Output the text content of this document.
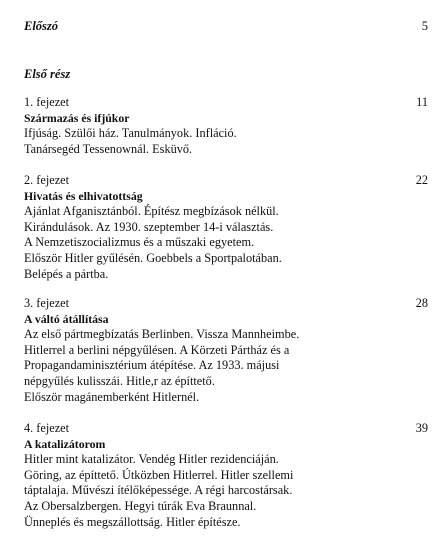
Előszó	5
Első rész
1. fejezet	11
Származás és ifjúkor
Ifjúság. Szülői ház. Tanulmányok. Infláció.
Tanársegéd Tessenownál. Esküvő.
2. fejezet	22
Hivatás és elhivatottság
Ajánlat Afganisztánból. Építész megbízások nélkül.
Kirándulások. Az 1930. szeptember 14-i választás.
A Nemzetiszocializmus és a műszaki egyetem.
Először Hitler gyűlésén. Goebbels a Sportpalotában.
Belépés a pártba.
3. fejezet	28
A váltó átállítása
Az első pártmegbízatás Berlinben. Vissza Mannheimbe.
Hitlerrel a berlini népgyűlésen. A Körzeti Pártház és a
Propagandaminisztérium átépítése. Az 1933. májusi
népgyűlés kulisszái. Hitle,r az építtető.
Először magánemberként Hitlernél.
4. fejezet	39
A katalizátorom
Hitler mint katalizátor. Vendég Hitler rezidenciáján.
Göring, az építtető. Útközben Hitlerrel. Hitler szellemi
táptalaja. Művészi ítélőképessége. A régi harcostársak.
Az Obersalzbergen. Hegyi túrák Eva Braunnal.
Ünneplés és megszállottság. Hitler építésze.
